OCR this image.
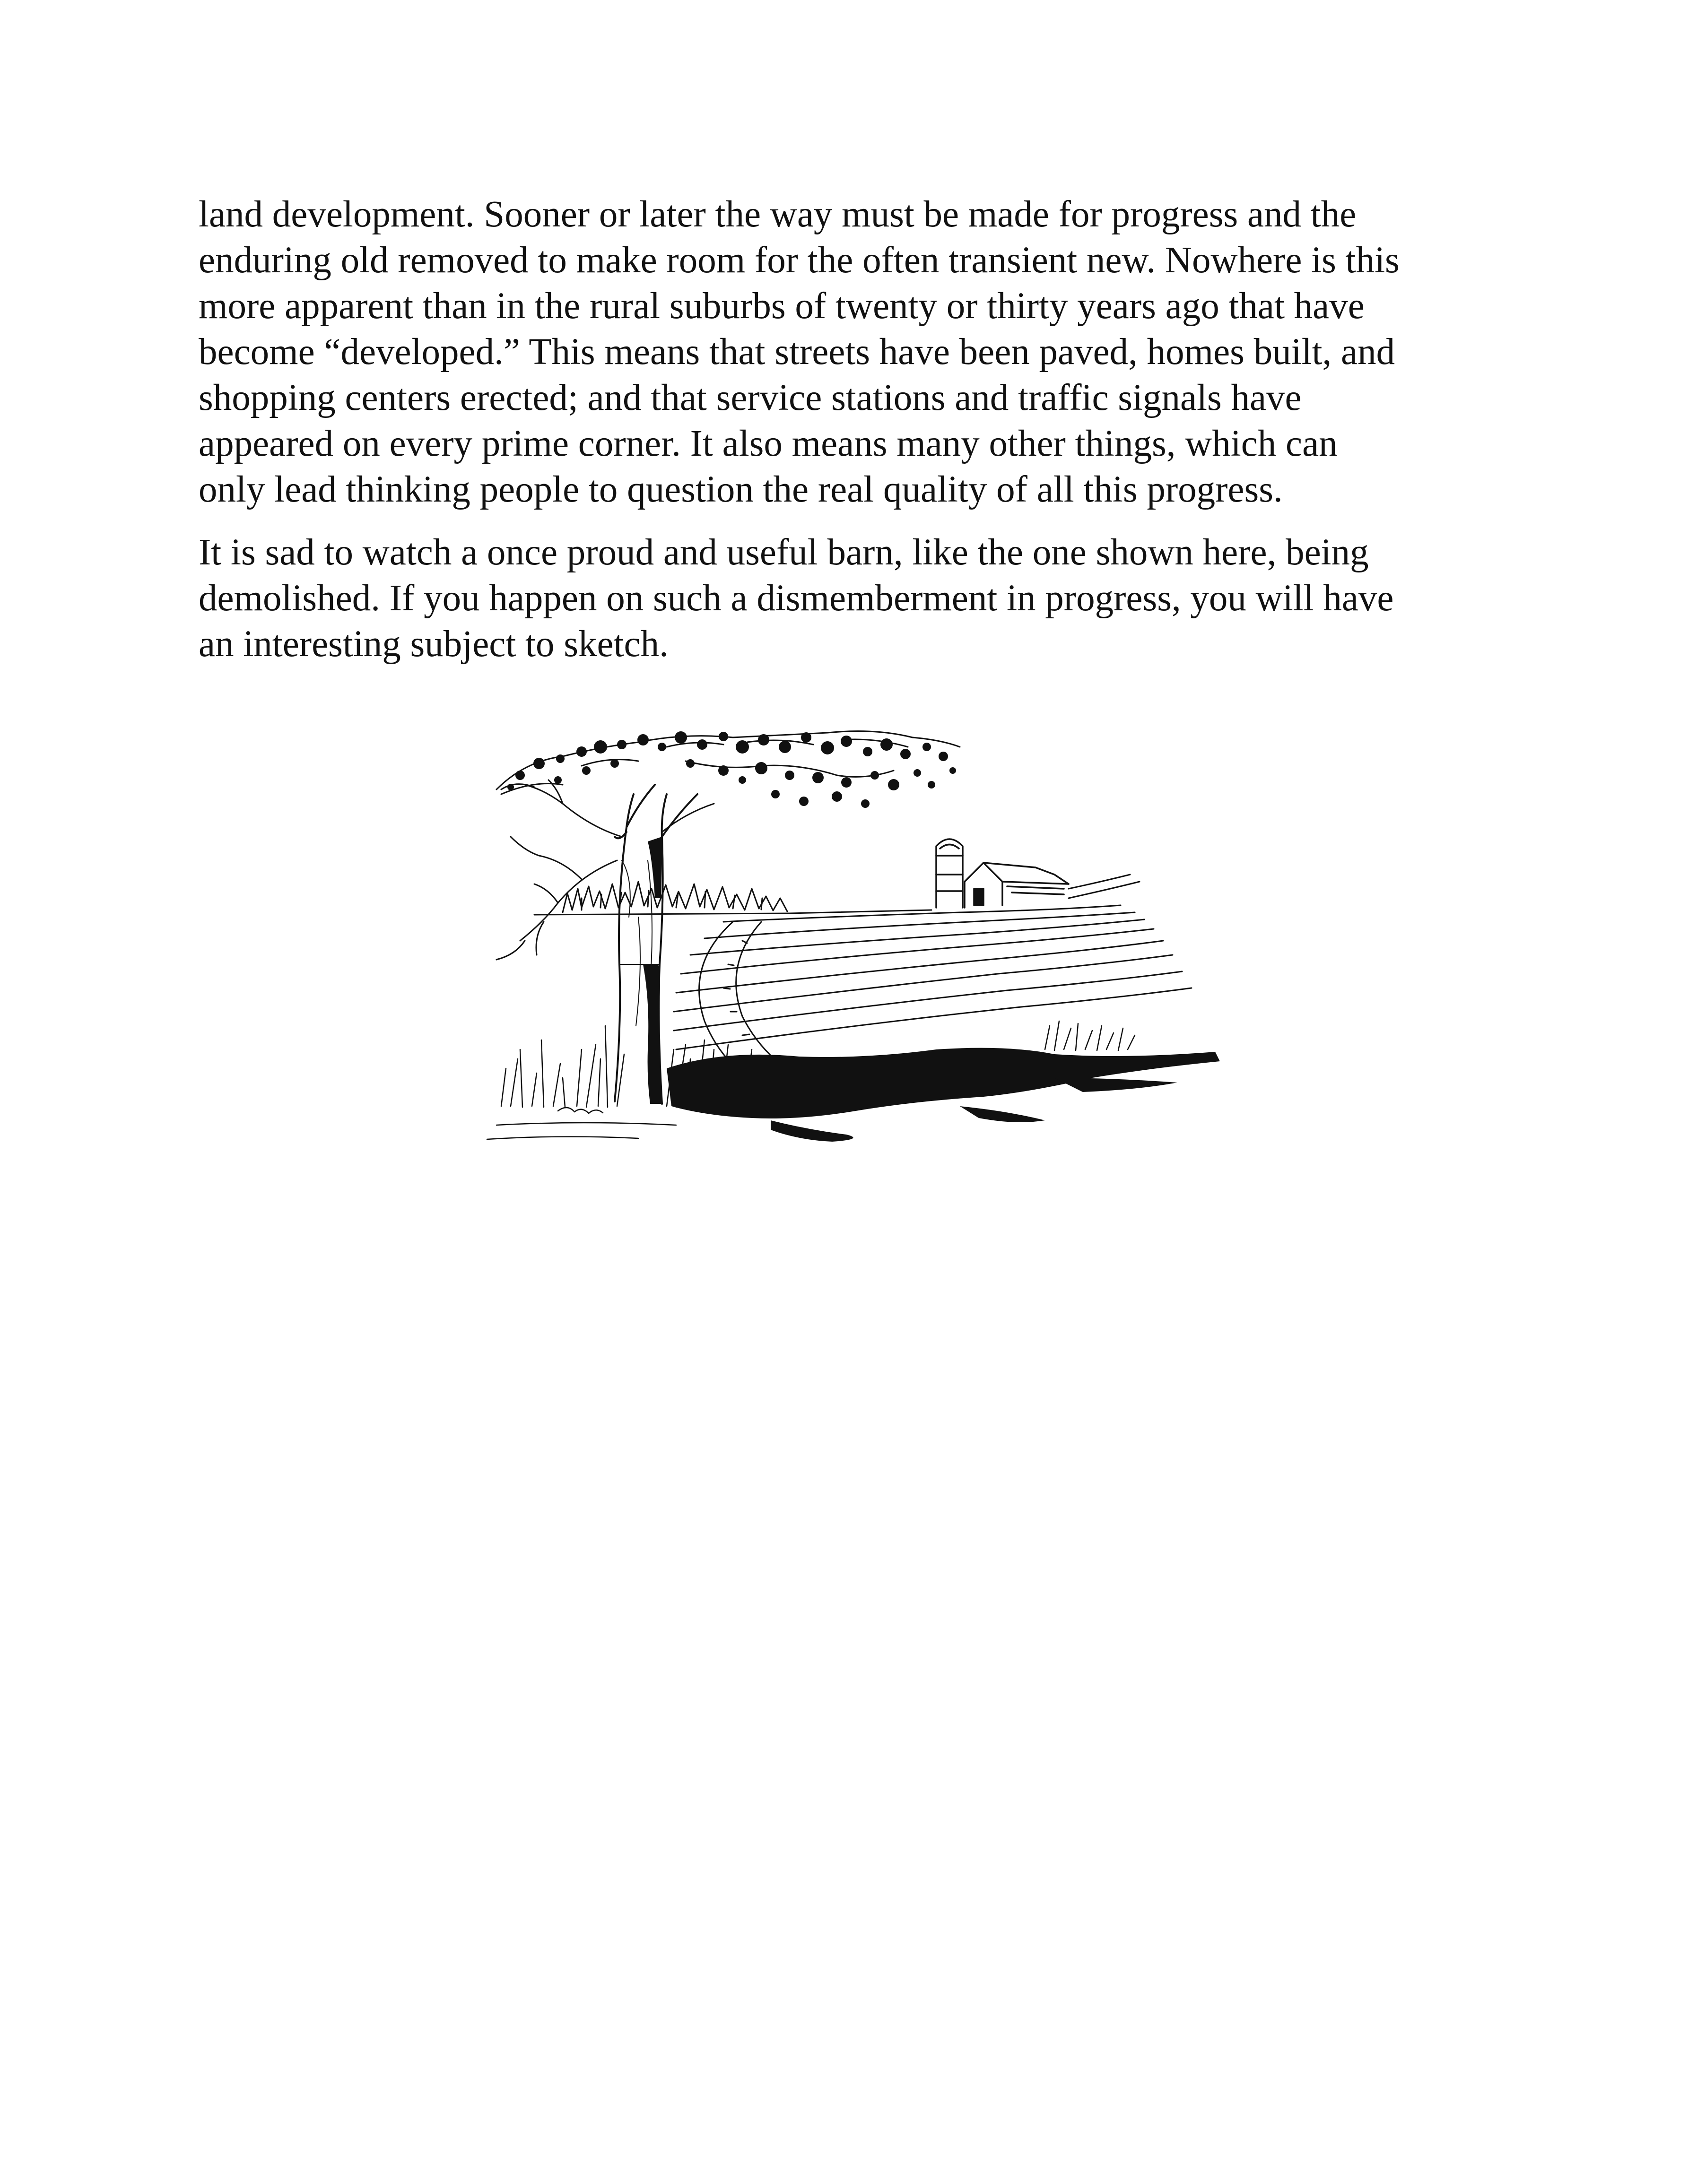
land development. Sooner or later the way must be made for progress and the
enduring old removed to make room for the often transient new. Nowhere is this
more apparent than in the rural suburbs of twenty or thirty years ago that have
become “developed.” This means that streets have been paved, homes built, and
shopping centers erected; and that service stations and traffic signals have
appeared on every prime corner. It also means many other things, which can
only lead thinking people to question the real quality of all this progress.

It is sad to watch a once proud and useful barn, like the one shown here, being
demolished. If you happen on such a dismemberment in progress, you will have
an interesting subject to sketch.
